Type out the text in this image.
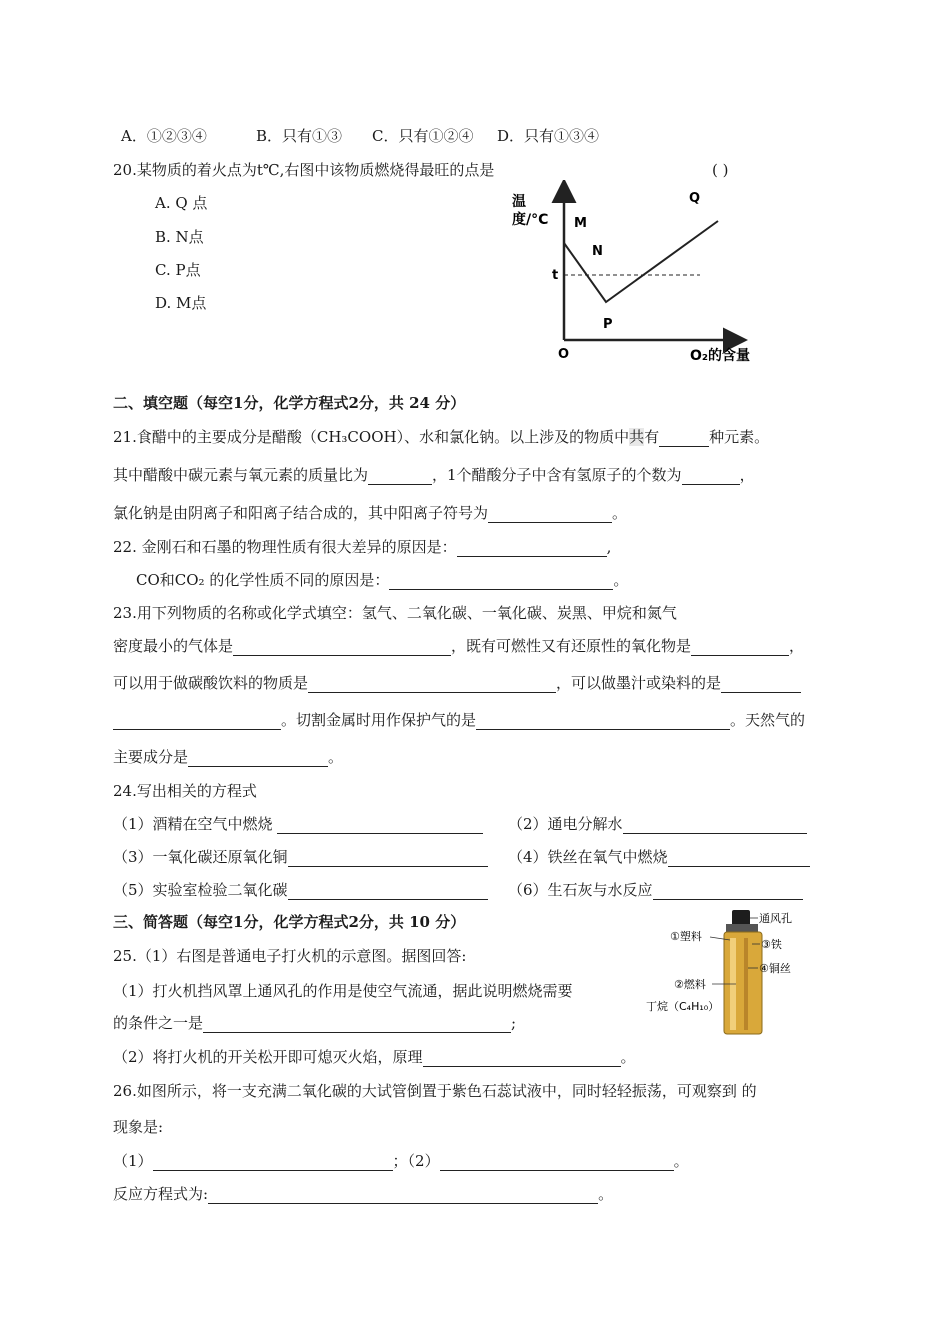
A．①②③④	B．只有①③ C．只有①②④ D．只有①③④
20.某物质的着火点为t℃,右图中该物质燃烧得最旺的点是	( )
A. Q 点
B. N点
C. P点
D. M点
温
度/°C M
N
P
Q
t
O	O₂的含量
二、填空题（每空1分，化学方程式2分，共 24 分）
21.食醋中的主要成分是醋酸（CH₃COOH）、水和氯化钠。以上涉及的物质中共有	种元素。
其中醋酸中碳元素与氧元素的质量比为	，1个醋酸分子中含有氢原子的个数为	，
氯化钠是由阴离子和阳离子结合成的，其中阳离子符号为	。
22. 金刚石和石墨的物理性质有很大差异的原因是：	,
CO和CO₂ 的化学性质不同的原因是：	。
23.用下列物质的名称或化学式填空：氢气、二氧化碳、一氧化碳、炭黑、甲烷和氮气
密度最小的气体是	，既有可燃性又有还原性的氧化物是	，
可以用于做碳酸饮料的物质是	，可以做墨汁或染料的是
。切割金属时用作保护气的是	。天然气的
主要成分是	。
24.写出相关的方程式
（1）酒精在空气中燃烧	（2）通电分解水
（3）一氧化碳还原氧化铜	（4）铁丝在氧气中燃烧
（5）实验室检验二氧化碳	（6）生石灰与水反应
三、简答题（每空1分，化学方程式2分，共 10 分）
25.（1）右图是普通电子打火机的示意图。据图回答:
（1）打火机挡风罩上通风孔的作用是使空气流通，据此说明燃烧需要
的条件之一是	;
（2）将打火机的开关松开即可熄灭火焰，原理	。
通风孔
①塑料
③铁
④铜丝
②燃料
丁烷（C₄H₁₀）
26.如图所示，将一支充满二氧化碳的大试管倒置于紫色石蕊试液中，同时轻轻振荡，可观察到 的
现象是:
（1）	；（2）	。
反应方程式为:	。
